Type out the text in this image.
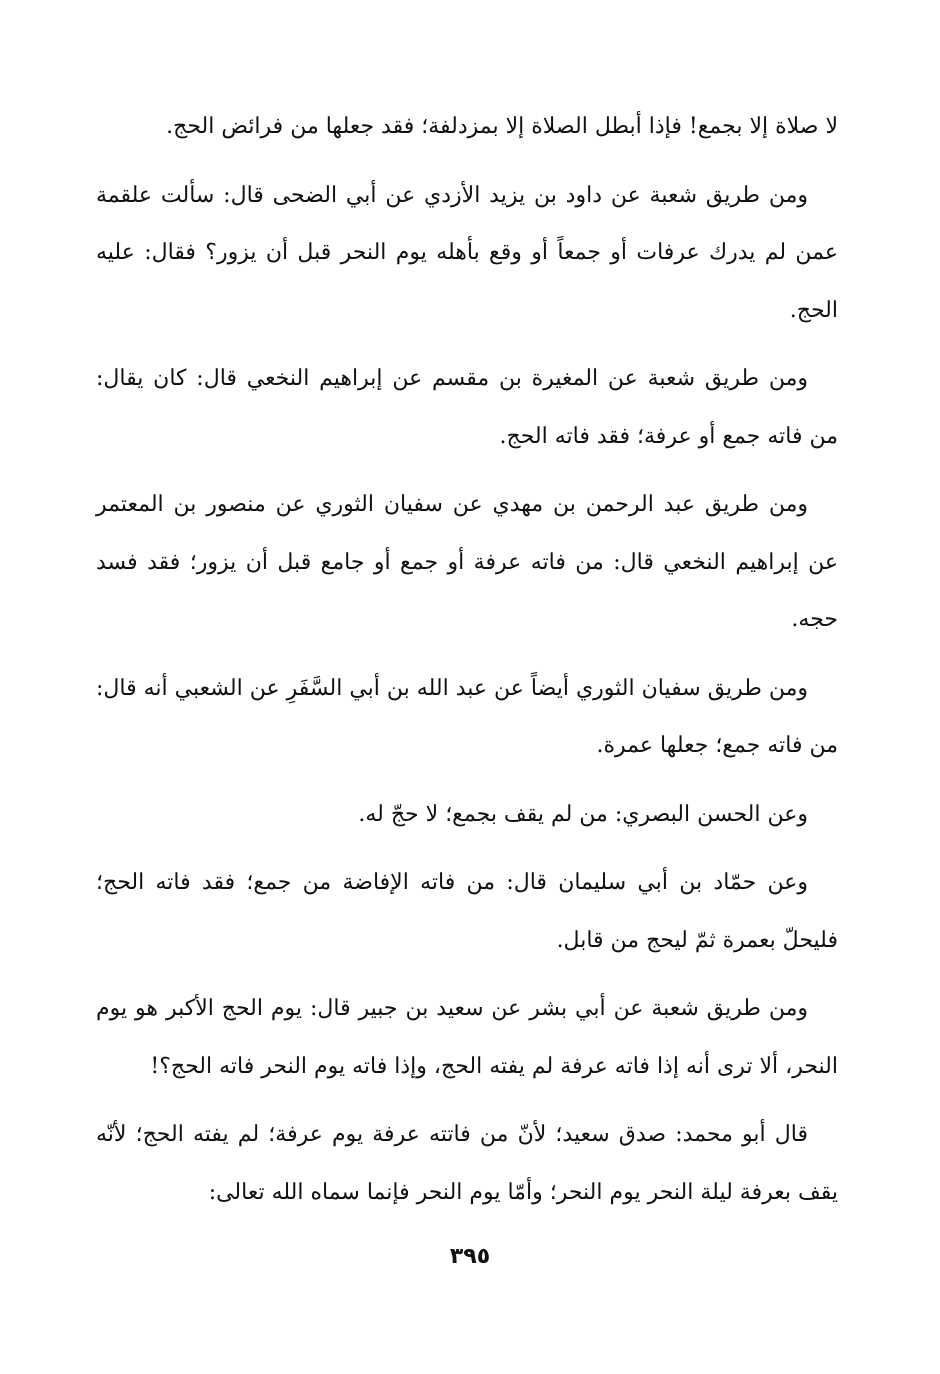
لا صلاة إلا بجمع! فإذا أبطل الصلاة إلا بمزدلفة؛ فقد جعلها من فرائض الحج.

ومن طريق شعبة عن داود بن يزيد الأزدي عن أبي الضحى قال: سألت علقمة عمن لم يدرك عرفات أو جمعاً أو وقع بأهله يوم النحر قبل أن يزور؟ فقال: عليه الحج.

ومن طريق شعبة عن المغيرة بن مقسم عن إبراهيم النخعي قال: كان يقال: من فاته جمع أو عرفة؛ فقد فاته الحج.

ومن طريق عبد الرحمن بن مهدي عن سفيان الثوري عن منصور بن المعتمر عن إبراهيم النخعي قال: من فاته عرفة أو جمع أو جامع قبل أن يزور؛ فقد فسد حجه.

ومن طريق سفيان الثوري أيضاً عن عبد الله بن أبي السَّفَرِ عن الشعبي أنه قال: من فاته جمع؛ جعلها عمرة.

وعن الحسن البصري: من لم يقف بجمع؛ لا حجّ له.

وعن حمّاد بن أبي سليمان قال: من فاته الإفاضة من جمع؛ فقد فاته الحج؛ فليحلّ بعمرة ثمّ ليحج من قابل.

ومن طريق شعبة عن أبي بشر عن سعيد بن جبير قال: يوم الحج الأكبر هو يوم النحر، ألا ترى أنه إذا فاته عرفة لم يفته الحج، وإذا فاته يوم النحر فاته الحج؟!

قال أبو محمد: صدق سعيد؛ لأنّ من فاتته عرفة يوم عرفة؛ لم يفته الحج؛ لأنّه يقف بعرفة ليلة النحر يوم النحر؛ وأمّا يوم النحر فإنما سماه الله تعالى:

٣٩٥
